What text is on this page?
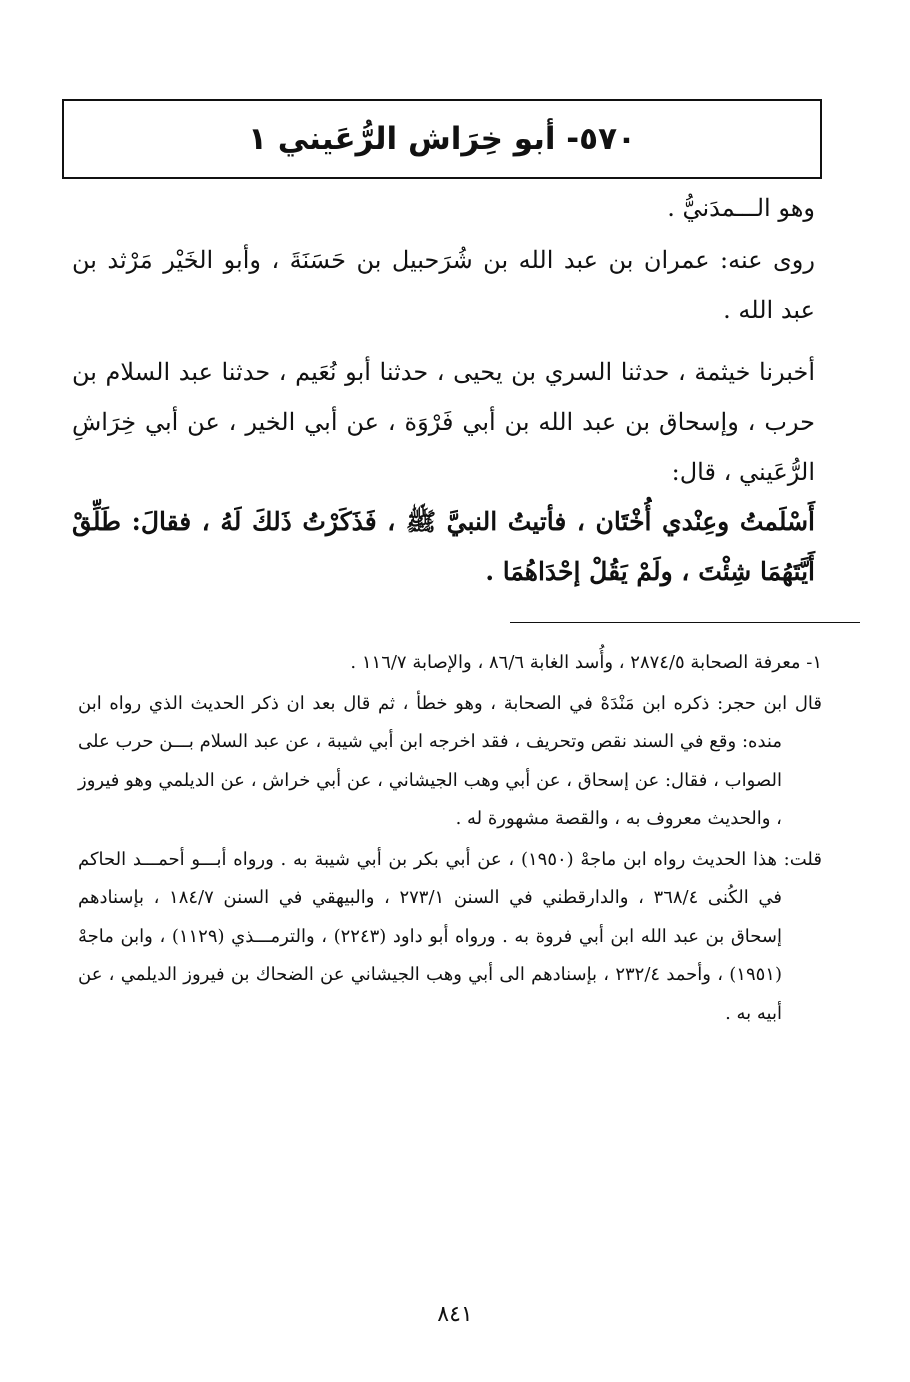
٥٧٠- أبو خِرَاش الرُّعَيني ١

وهو الـــمدَنيُّ .

روى عنه: عمران بن عبد الله بن شُرَحبيل بن حَسَنَةَ ، وأبو الخَيْر مَرْثد بن عبد الله .

أخبرنا خيثمة ، حدثنا السري بن يحيى ، حدثنا أبو نُعَيم ، حدثنا عبد السلام بن حرب ، وإسحاق بن عبد الله بن أبي فَرْوَة ، عن أبي الخير ، عن أبي خِرَاشِ الرُّعَيني ، قال:

أَسْلَمتُ وعِنْدي أُخْتَان ، فأتيتُ النبيَّ ﷺ ، فَذَكَرْتُ ذَلكَ لَهُ ، فقالَ: طَلِّقْ أَيَّتَهُمَا شِئْتَ ، ولَمْ يَقُلْ إحْدَاهُمَا .

١- معرفة الصحابة ٢٨٧٤/٥ ، وأُسد الغابة ٨٦/٦ ، والإصابة ١١٦/٧ .

قال ابن حجر: ذكره ابن مَنْدَهْ في الصحابة ، وهو خطأ ، ثم قال بعد ان ذكر الحديث الذي رواه ابن منده: وقع في السند نقص وتحريف ، فقد اخرجه ابن أبي شيبة ، عن عبد السلام بـــن حرب على الصواب ، فقال: عن إسحاق ، عن أبي وهب الجيشاني ، عن أبي خراش ، عن الديلمي وهو فيروز ، والحديث معروف به ، والقصة مشهورة له .

قلت: هذا الحديث رواه ابن ماجهْ (١٩٥٠) ، عن أبي بكر بن أبي شيبة به . ورواه أبـــو أحمـــد الحاكم في الكُنى ٣٦٨/٤ ، والدارقطني في السنن ٢٧٣/١ ، والبيهقي في السنن ١٨٤/٧ ، بإسنادهم إسحاق بن عبد الله ابن أبي فروة به . ورواه أبو داود (٢٢٤٣) ، والترمـــذي (١١٢٩) ، وابن ماجهْ (١٩٥١) ، وأحمد ٢٣٢/٤ ، بإسنادهم الى أبي وهب الجيشاني عن الضحاك بن فيروز الديلمي ، عن أبيه به .

٨٤١
